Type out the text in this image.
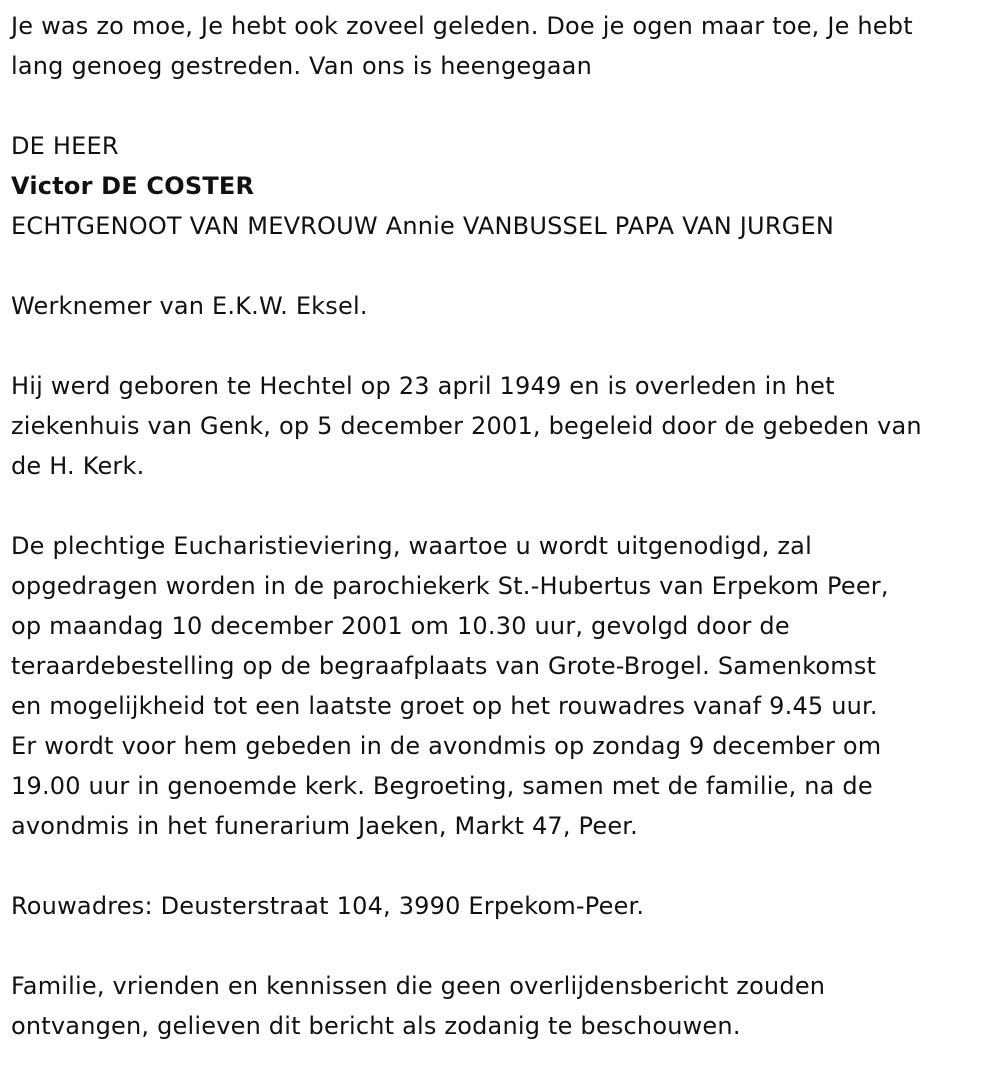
Je was zo moe, Je hebt ook zoveel geleden. Doe je ogen maar toe, Je hebt

lang genoeg gestreden. Van ons is heengegaan

DE HEER

Victor DE COSTER

ECHTGENOOT VAN MEVROUW Annie VANBUSSEL PAPA VAN JURGEN

Werknemer van E.K.W. Eksel.

Hij werd geboren te Hechtel op 23 april 1949 en is overleden in het

ziekenhuis van Genk, op 5 december 2001, begeleid door de gebeden van

de H. Kerk.

De plechtige Eucharistieviering, waartoe u wordt uitgenodigd, zal

opgedragen worden in de parochiekerk St.-Hubertus van Erpekom Peer,

op maandag 10 december 2001 om 10.30 uur, gevolgd door de

teraardebestelling op de begraafplaats van Grote-Brogel. Samenkomst

en mogelijkheid tot een laatste groet op het rouwadres vanaf 9.45 uur.

Er wordt voor hem gebeden in de avondmis op zondag 9 december om

19.00 uur in genoemde kerk. Begroeting, samen met de familie, na de

avondmis in het funerarium Jaeken, Markt 47, Peer.

Rouwadres: Deusterstraat 104, 3990 Erpekom-Peer.

Familie, vrienden en kennissen die geen overlijdensbericht zouden

ontvangen, gelieven dit bericht als zodanig te beschouwen.
